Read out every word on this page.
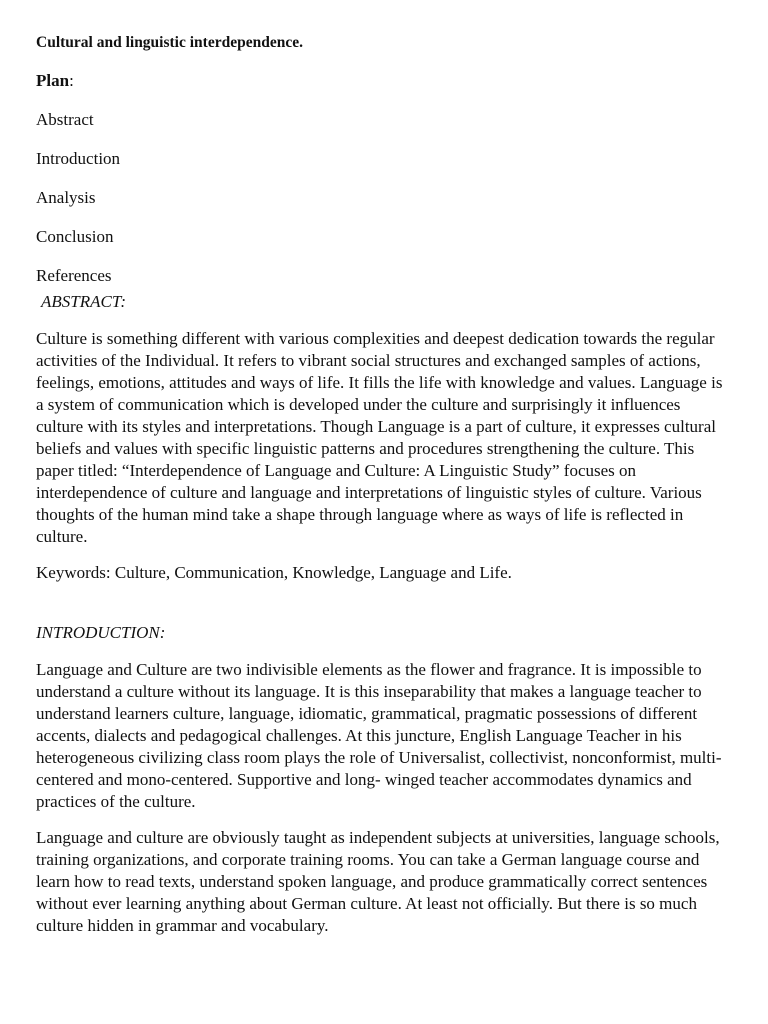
Cultural and linguistic interdependence.
Plan:
Abstract
Introduction
Analysis
Conclusion
References
ABSTRACT:

Culture is something different with various complexities and deepest dedication towards the regular activities of the Individual. It refers to vibrant social structures and exchanged samples of actions, feelings, emotions, attitudes and ways of life. It fills the life with knowledge and values. Language is a system of communication which is developed under the culture and surprisingly it influences culture with its styles and interpretations. Though Language is a part of culture, it expresses cultural beliefs and values with specific linguistic patterns and procedures strengthening the culture. This paper titled: “Interdependence of Language and Culture: A Linguistic Study” focuses on interdependence of culture and language and interpretations of linguistic styles of culture. Various thoughts of the human mind take a shape through language where as ways of life is reflected in culture.

Keywords: Culture, Communication, Knowledge, Language and Life.

INTRODUCTION:

Language and Culture are two indivisible elements as the flower and fragrance. It is impossible to understand a culture without its language. It is this inseparability that makes a language teacher to understand learners culture, language, idiomatic, grammatical, pragmatic possessions of different accents, dialects and pedagogical challenges. At this juncture, English Language Teacher in his heterogeneous civilizing class room plays the role of Universalist, collectivist, nonconformist, multi- centered and mono-centered. Supportive and long- winged teacher accommodates dynamics and practices of the culture.

Language and culture are obviously taught as independent subjects at universities, language schools, training organizations, and corporate training rooms. You can take a German language course and learn how to read texts, understand spoken language, and produce grammatically correct sentences without ever learning anything about German culture. At least not officially. But there is so much culture hidden in grammar and vocabulary.
